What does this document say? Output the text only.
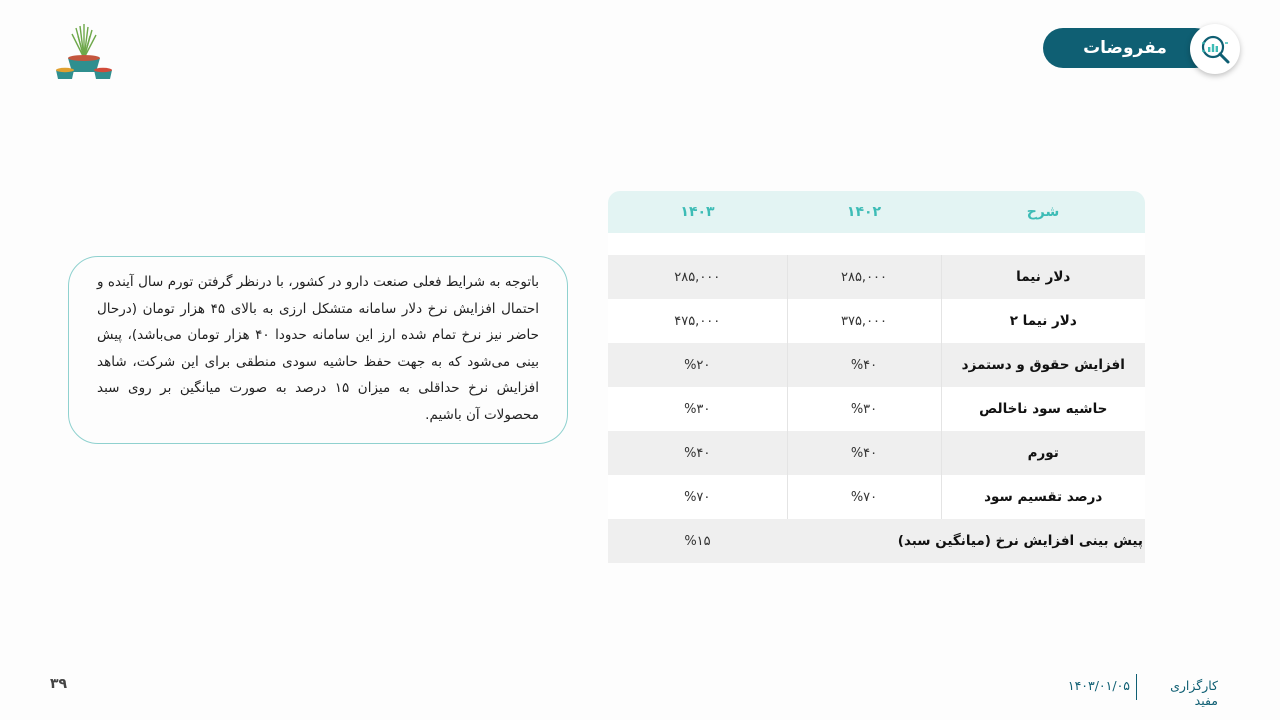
مفروضات

باتوجه به شرایط فعلی صنعت دارو در کشور، با درنظر گرفتن تورم سال آینده و احتمال افزایش نرخ دلار سامانه متشکل ارزی به بالای ۴۵ هزار تومان (درحال حاضر نیز نرخ تمام شده ارز این سامانه حدودا ۴۰ هزار تومان می‌باشد)، پیش بینی می‌شود که به جهت حفظ حاشیه سودی منطقی برای این شرکت، شاهد افزایش نرخ حداقلی به میزان ۱۵ درصد به صورت میانگین بر روی سبد محصولات آن باشیم.

شرح	۱۴۰۲	۱۴۰۳

دلار نیما	۲۸۵,۰۰۰	۲۸۵,۰۰۰
دلار نیما ۲	۳۷۵,۰۰۰	۴۷۵,۰۰۰
افزایش حقوق و دستمزد	%۴۰	%۲۰
حاشیه سود ناخالص	%۳۰	%۳۰
تورم	%۴۰	%۴۰
درصد تقسیم سود	%۷۰	%۷۰
پیش بینی افزایش نرخ (میانگین سبد)		%۱۵
۳۹	کارگزاری مفید
۱۴۰۳/۰۱/۰۵
